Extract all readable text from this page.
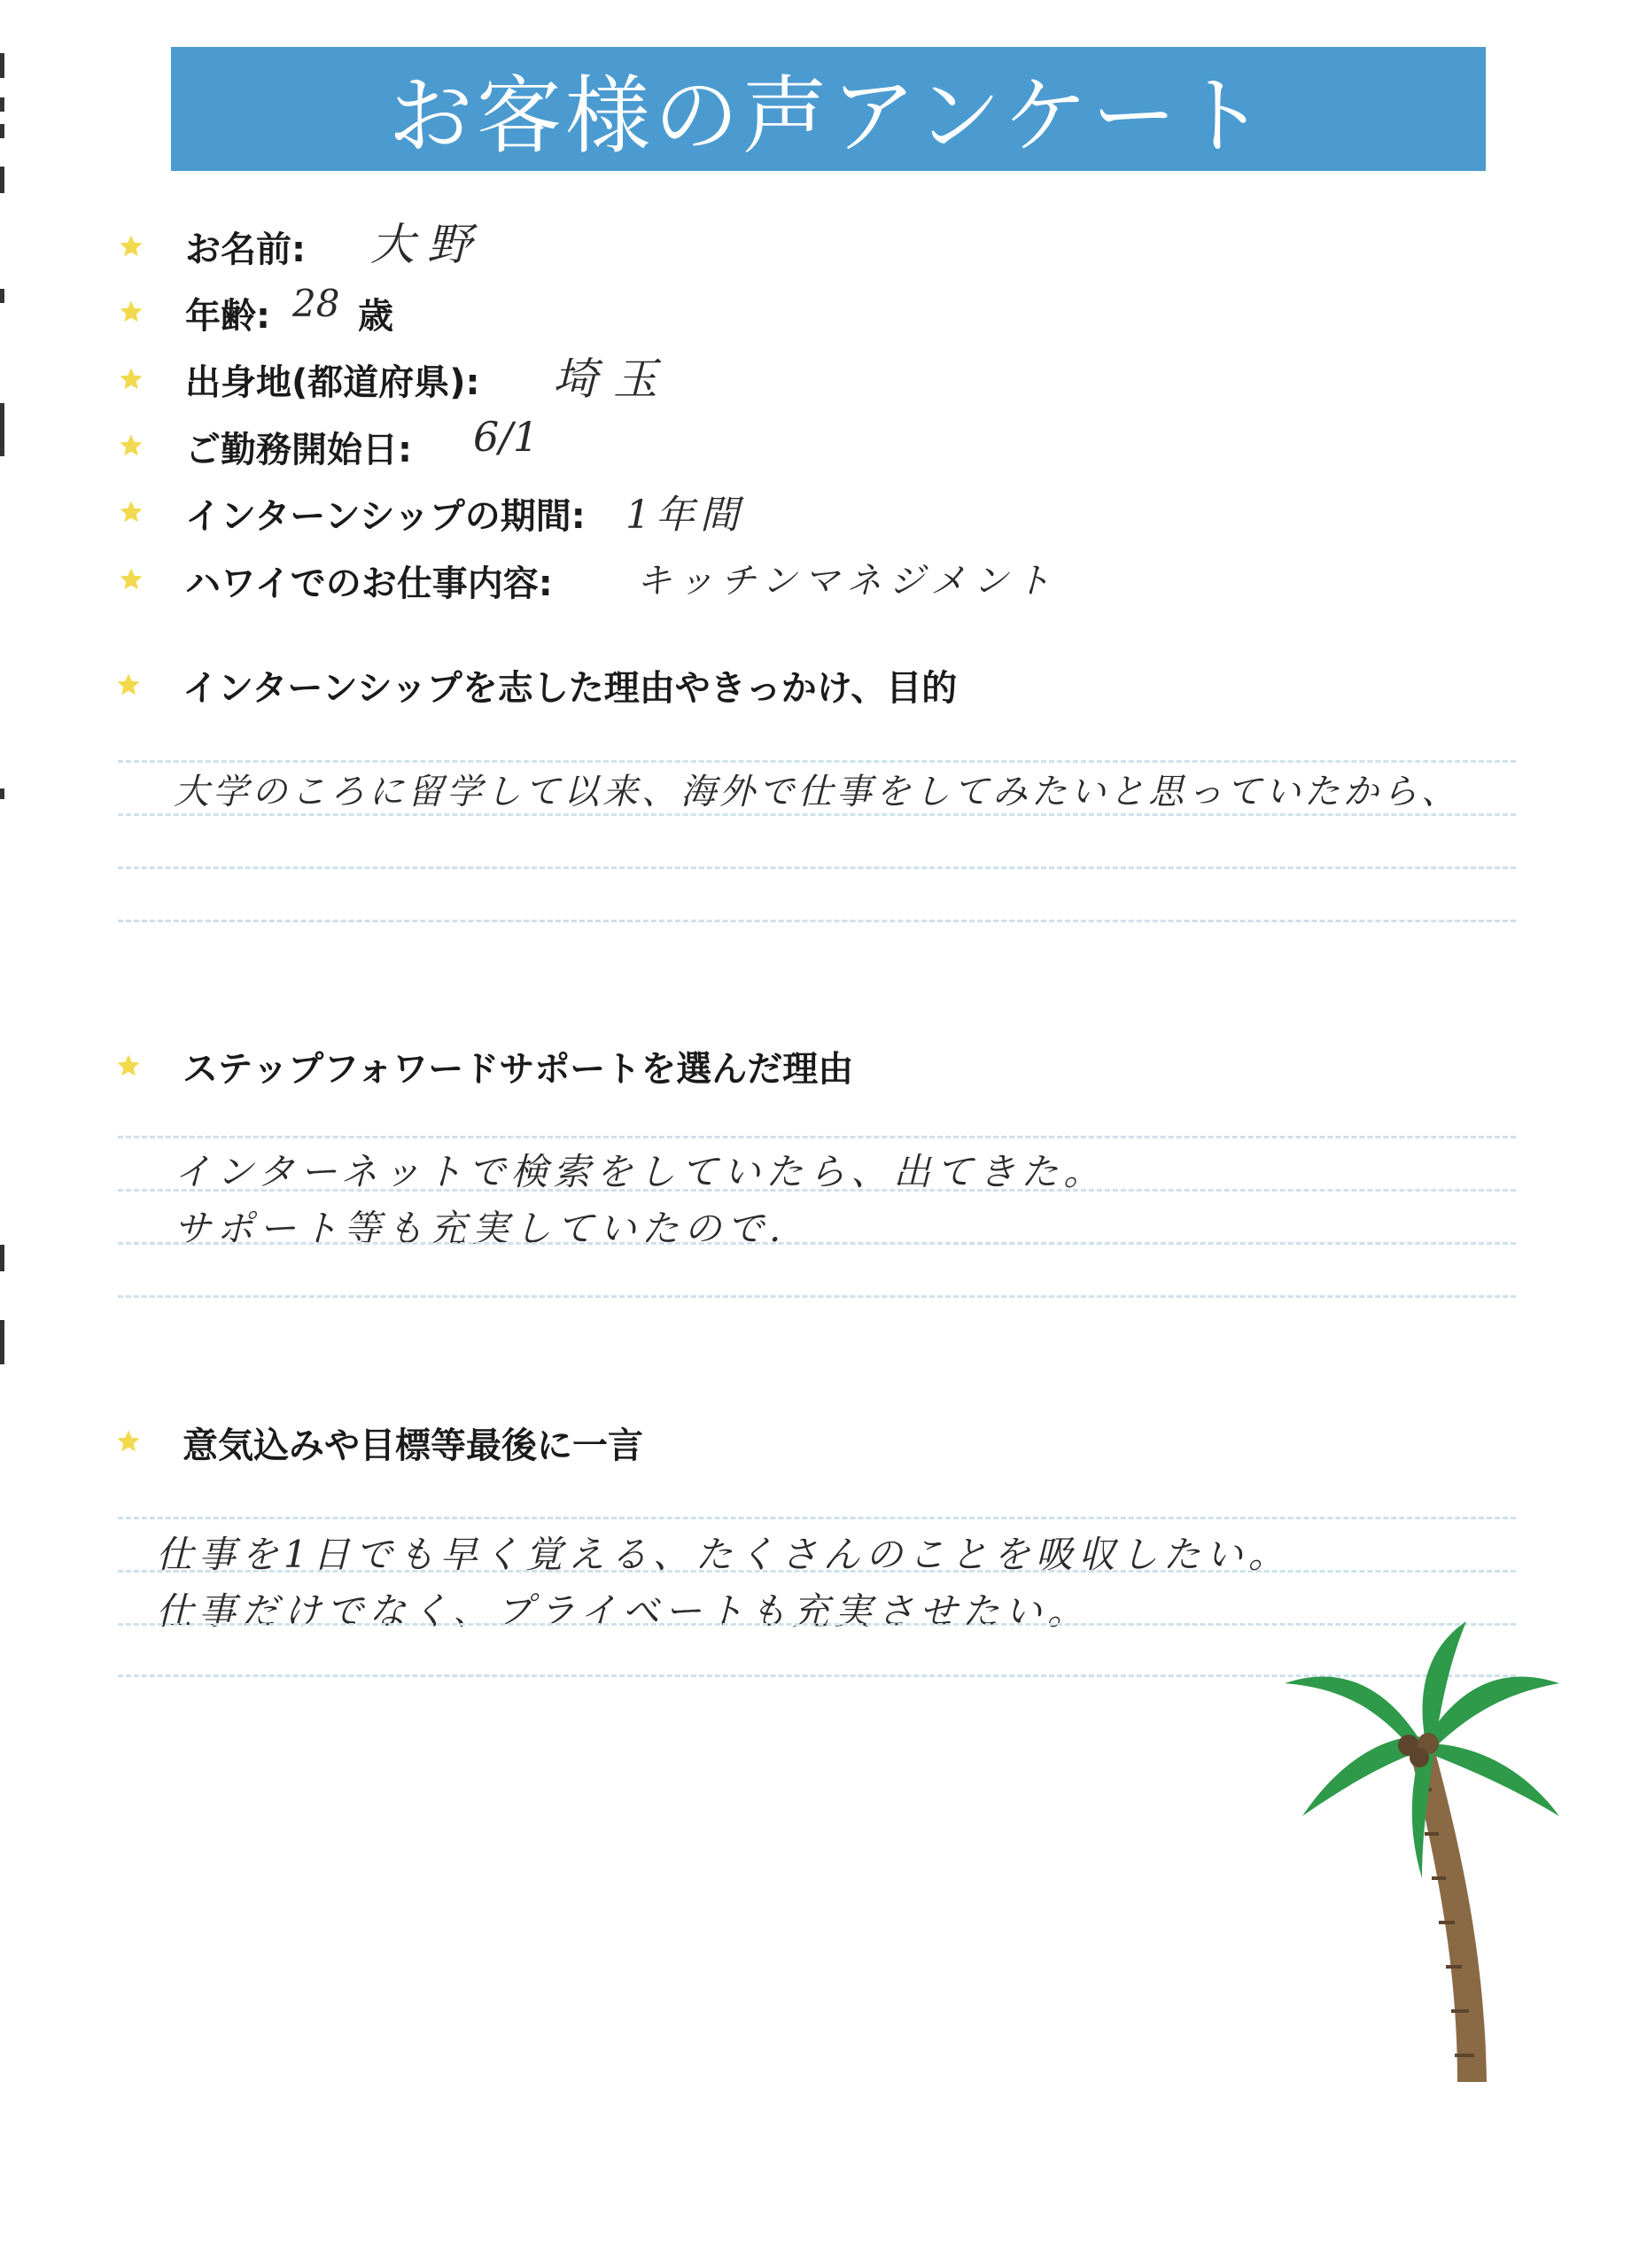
お客様の声アンケート
お名前: 大野
年齢: 28 歳
出身地(都道府県): 埼玉
ご勤務開始日: 6/1
インターンシップの期間: 1年間
ハワイでのお仕事内容: キッチンマネジメント
インターンシップを志した理由やきっかけ、目的
大学のころに留学して以来、海外で仕事をしてみたいと思っていたから、
ステップフォワードサポートを選んだ理由
インターネットで検索をしていたら、出てきた。
サポート等も充実していたので.
意気込みや目標等最後に一言
仕事を1日でも早く覚える、たくさんのことを吸収したい。
仕事だけでなく、プライベートも充実させたい。
